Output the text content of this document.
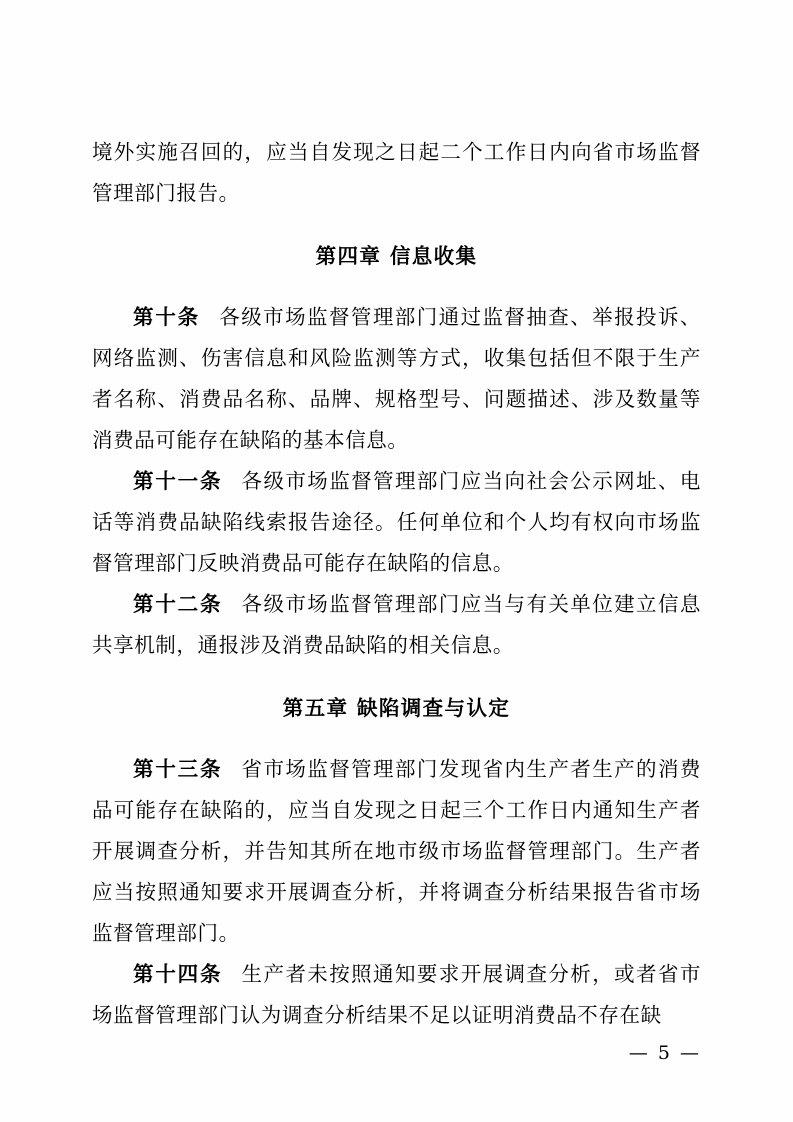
境外实施召回的，应当自发现之日起二个工作日内向省市场监督管理部门报告。

第四章 信息收集

第十条 各级市场监督管理部门通过监督抽查、举报投诉、网络监测、伤害信息和风险监测等方式，收集包括但不限于生产者名称、消费品名称、品牌、规格型号、问题描述、涉及数量等消费品可能存在缺陷的基本信息。

第十一条 各级市场监督管理部门应当向社会公示网址、电话等消费品缺陷线索报告途径。任何单位和个人均有权向市场监督管理部门反映消费品可能存在缺陷的信息。

第十二条 各级市场监督管理部门应当与有关单位建立信息共享机制，通报涉及消费品缺陷的相关信息。

第五章 缺陷调查与认定

第十三条 省市场监督管理部门发现省内生产者生产的消费品可能存在缺陷的，应当自发现之日起三个工作日内通知生产者开展调查分析，并告知其所在地市级市场监督管理部门。生产者应当按照通知要求开展调查分析，并将调查分析结果报告省市场监督管理部门。

第十四条 生产者未按照通知要求开展调查分析，或者省市场监督管理部门认为调查分析结果不足以证明消费品不存在缺

— 5 —
